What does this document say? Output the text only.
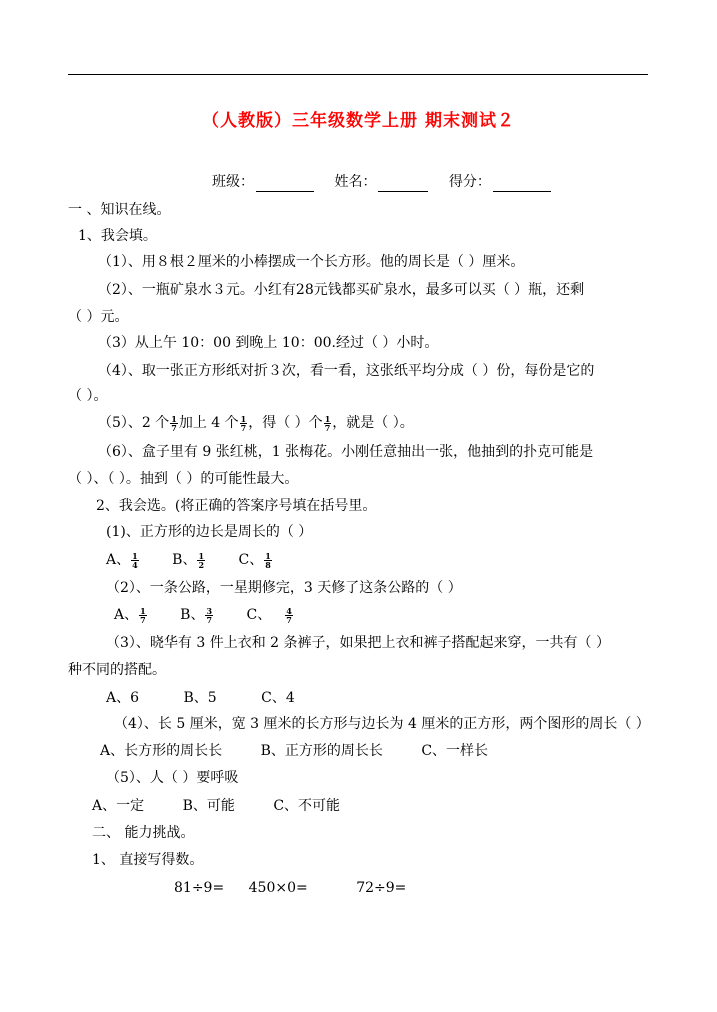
（人教版）三年级数学上册 期末测试２
班级：	姓名：	得分：
一 、知识在线。
1、我会填。
（1）、用８根２厘米的小棒摆成一个长方形。他的周长是（ ）厘米。
（2）、一瓶矿泉水３元。小红有28元钱都买矿泉水，最多可以买（ ）瓶，还剩
（ ）元。
（3）从上午 10：00 到晚上 10：00.经过（ ）小时。
（4）、取一张正方形纸对折３次，看一看，这张纸平均分成（ ）份，每份是它的
（ ）。
（5）、2 个 $\frac{1}{7}$ 加上 4 个 $\frac{1}{7}$ ，得（ ）个 $\frac{1}{7}$ ，就是（ ）。
（6）、盒子里有 9 张红桃，1 张梅花。小刚任意抽出一张，他抽到的扑克可能是
（ ）、（ ）。抽到（ ）的可能性最大。
2、我会选。(将正确的答案序号填在括号里。
(1)、正方形的边长是周长的（ ）
A、 $\frac{1}{4}$ B、 $\frac{1}{2}$ C、 $\frac{1}{8}$
（2）、一条公路，一星期修完，3 天修了这条公路的（ ）
A、 $\frac{1}{7}$ B、 $\frac{3}{7}$ C、 $\frac{4}{7}$
（3）、晓华有 3 件上衣和 2 条裤子，如果把上衣和裤子搭配起来穿，一共有（ ）
种不同的搭配。
A、6	B、5	C、4
（4）、长 5 厘米，宽 3 厘米的长方形与边长为 4 厘米的正方形，两个图形的周长（ ）
A、长方形的周长长	B、正方形的周长长	C、一样长
（5）、人（ ）要呼吸
A、一定	B、可能	C、不可能
二、 能力挑战。
1、 直接写得数。
81÷9= 450×0=	72÷9=
